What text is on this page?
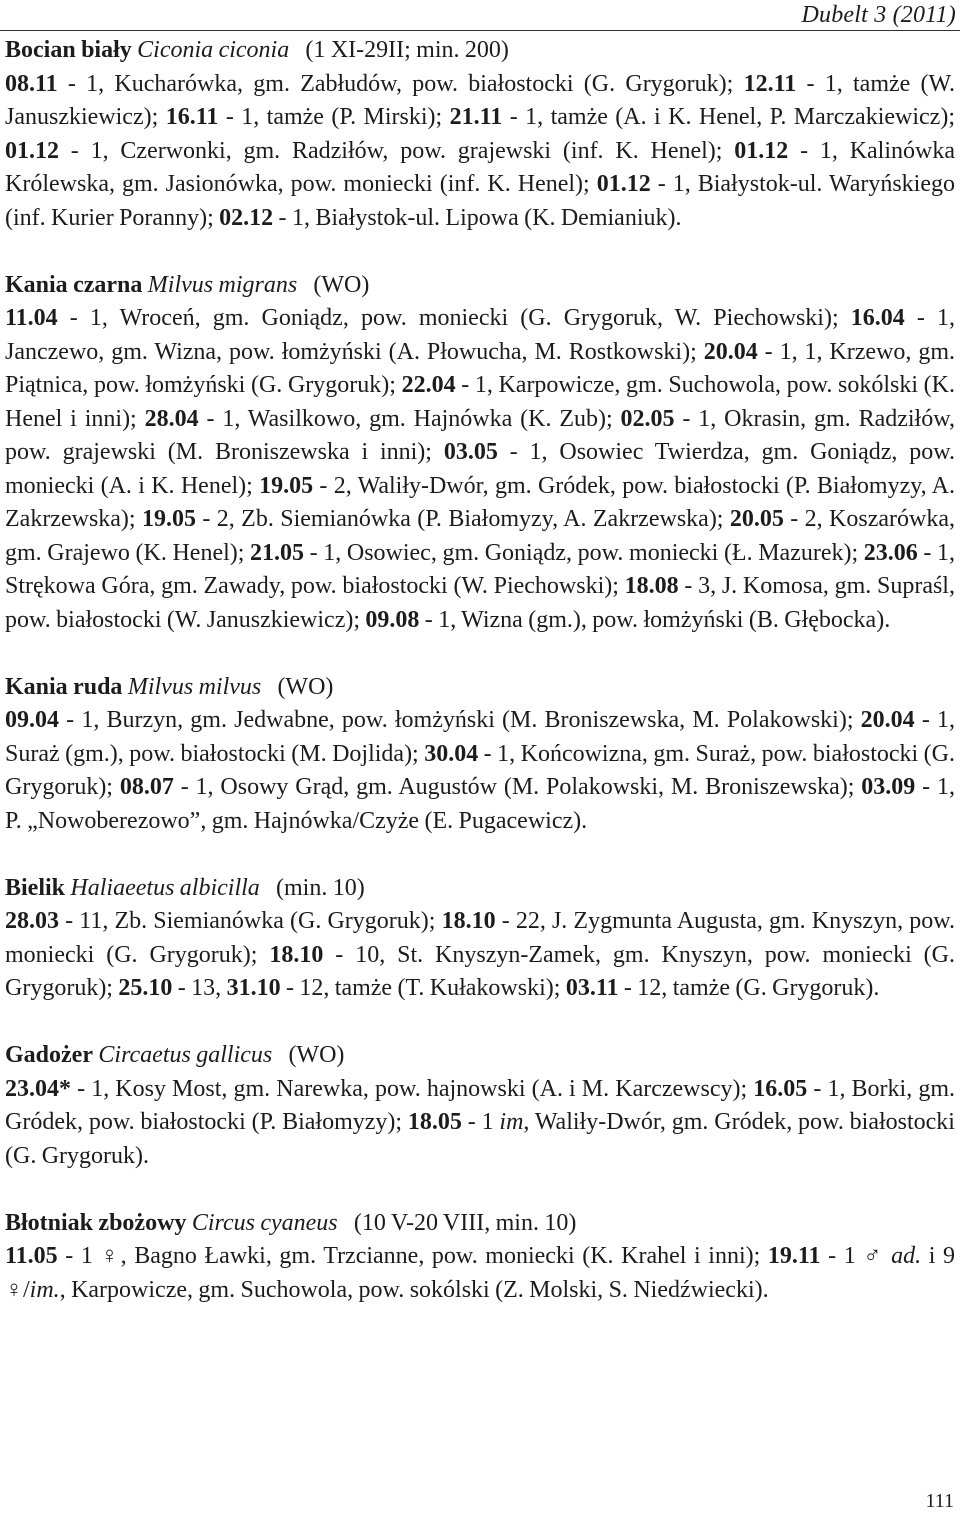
Dubelt 3 (2011)

Bocian biały Ciconia ciconia (1 XI-29II; min. 200)

08.11 - 1, Kucharówka, gm. Zabłudów, pow. białostocki (G. Grygoruk); 12.11 - 1, tamże (W. Januszkiewicz); 16.11 - 1, tamże (P. Mirski); 21.11 - 1, tamże (A. i K. Henel, P. Marczakiewicz); 01.12 - 1, Czerwonki, gm. Radziłów, pow. grajewski (inf. K. Henel); 01.12 - 1, Kalinówka Królewska, gm. Jasionówka, pow. moniecki (inf. K. Henel); 01.12 - 1, Białystok-ul. Waryńskiego (inf. Kurier Poranny); 02.12 - 1, Białystok-ul. Lipowa (K. Demianiuk).

Kania czarna Milvus migrans (WO)

11.04 - 1, Wroceń, gm. Goniądz, pow. moniecki (G. Grygoruk, W. Piechowski); 16.04 - 1, Janczewo, gm. Wizna, pow. łomżyński (A. Płowucha, M. Rostkowski); 20.04 - 1, 1, Krzewo, gm. Piątnica, pow. łomżyński (G. Grygoruk); 22.04 - 1, Karpowicze, gm. Suchowola, pow. sokólski (K. Henel i inni); 28.04 - 1, Wasilkowo, gm. Hajnówka (K. Zub); 02.05 - 1, Okrasin, gm. Radziłów, pow. grajewski (M. Broniszewska i inni); 03.05 - 1, Osowiec Twierdza, gm. Goniądz, pow. moniecki (A. i K. Henel); 19.05 - 2, Waliły-Dwór, gm. Gródek, pow. białostocki (P. Białomyzy, A. Zakrzewska); 19.05 - 2, Zb. Siemianówka (P. Białomyzy, A. Zakrzewska); 20.05 - 2, Koszarówka, gm. Grajewo (K. Henel); 21.05 - 1, Osowiec, gm. Goniądz, pow. moniecki (Ł. Mazurek); 23.06 - 1, Strękowa Góra, gm. Zawady, pow. białostocki (W. Piechowski); 18.08 - 3, J. Komosa, gm. Supraśl, pow. białostocki (W. Januszkiewicz); 09.08 - 1, Wizna (gm.), pow. łomżyński (B. Głębocka).

Kania ruda Milvus milvus (WO)

09.04 - 1, Burzyn, gm. Jedwabne, pow. łomżyński (M. Broniszewska, M. Polakowski); 20.04 - 1, Suraż (gm.), pow. białostocki (M. Dojlida); 30.04 - 1, Końcowizna, gm. Suraż, pow. białostocki (G. Grygoruk); 08.07 - 1, Osowy Grąd, gm. Augustów (M. Polakowski, M. Broniszewska); 03.09 - 1, P. „Nowoberezowo”, gm. Hajnówka/Czyże (E. Pugacewicz).

Bielik Haliaeetus albicilla (min. 10)

28.03 - 11, Zb. Siemianówka (G. Grygoruk); 18.10 - 22, J. Zygmunta Augusta, gm. Knyszyn, pow. moniecki (G. Grygoruk); 18.10 - 10, St. Knyszyn-Zamek, gm. Knyszyn, pow. moniecki (G. Grygoruk); 25.10 - 13, 31.10 - 12, tamże (T. Kułakowski); 03.11 - 12, tamże (G. Grygoruk).

Gadożer Circaetus gallicus (WO)

23.04* - 1, Kosy Most, gm. Narewka, pow. hajnowski (A. i M. Karczewscy); 16.05 - 1, Borki, gm. Gródek, pow. białostocki (P. Białomyzy); 18.05 - 1 im, Waliły-Dwór, gm. Gródek, pow. białostocki (G. Grygoruk).

Błotniak zbożowy Circus cyaneus (10 V-20 VIII, min. 10)

11.05 - 1 ♀, Bagno Ławki, gm. Trzcianne, pow. moniecki (K. Krahel i inni); 19.11 - 1 ♂ ad. i 9 ♀/im., Karpowicze, gm. Suchowola, pow. sokólski (Z. Molski, S. Niedźwiecki).

111
